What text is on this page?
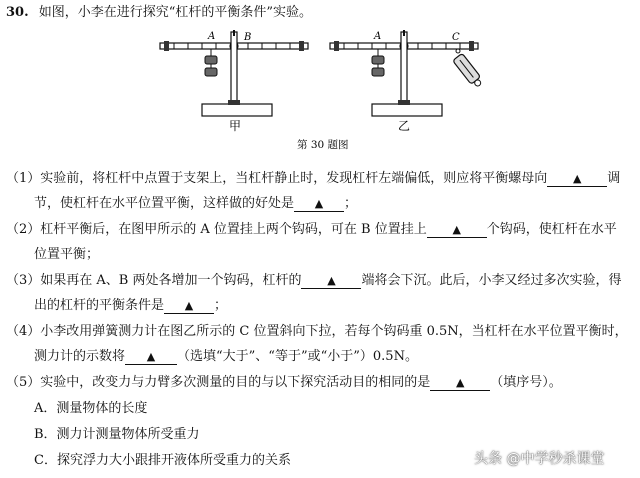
30. 如图，小李在进行探究“杠杆的平衡条件”实验。
A	B
甲
A	C
乙
第 30 题图
（1）实验前，将杠杆中点置于支架上，当杠杆静止时，发现杠杆左端偏低，则应将平衡螺母向 ▲ 调
节，使杠杆在水平位置平衡，这样做的好处是 ▲ ；
（2）杠杆平衡后，在图甲所示的 A 位置挂上两个钩码，可在 B 位置挂上 ▲ 个钩码，使杠杆在水平
位置平衡；
（3）如果再在 A、B 两处各增加一个钩码，杠杆的 ▲ 端将会下沉。此后，小李又经过多次实验，得
出的杠杆的平衡条件是 ▲ ；
（4）小李改用弹簧测力计在图乙所示的 C 位置斜向下拉，若每个钩码重 0.5N，当杠杆在水平位置平衡时，
测力计的示数将 ▲ （选填“大于”、“等于”或“小于”）0.5N。
（5）实验中，改变力与力臂多次测量的目的与以下探究活动目的相同的是 ▲ （填序号）。
A．测量物体的长度
B．测力计测量物体所受重力
C．探究浮力大小跟排开液体所受重力的关系	头条 @中学秒杀课堂
